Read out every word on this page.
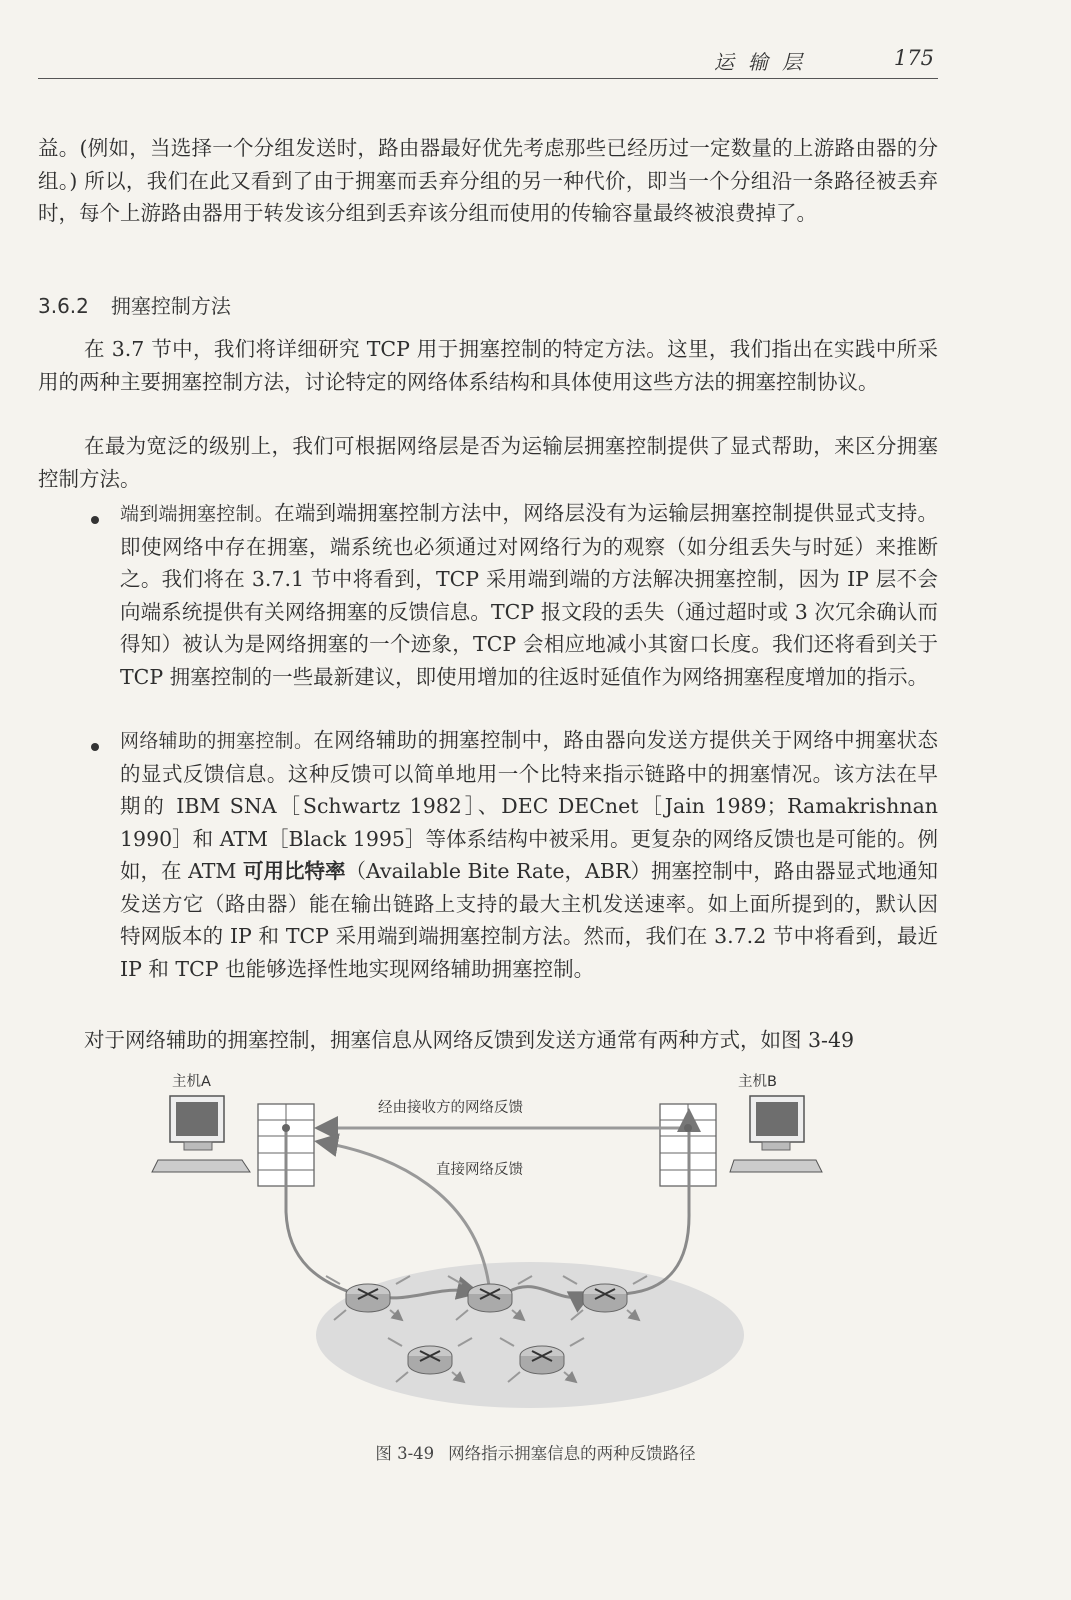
运输层	175

益。(例如，当选择一个分组发送时，路由器最好优先考虑那些已经历过一定数量的上游路由器的分组。) 所以，我们在此又看到了由于拥塞而丢弃分组的另一种代价，即当一个分组沿一条路径被丢弃时，每个上游路由器用于转发该分组到丢弃该分组而使用的传输容量最终被浪费掉了。

3.6.2 拥塞控制方法

在 3.7 节中，我们将详细研究 TCP 用于拥塞控制的特定方法。这里，我们指出在实践中所采用的两种主要拥塞控制方法，讨论特定的网络体系结构和具体使用这些方法的拥塞控制协议。

在最为宽泛的级别上，我们可根据网络层是否为运输层拥塞控制提供了显式帮助，来区分拥塞控制方法。

端到端拥塞控制。在端到端拥塞控制方法中，网络层没有为运输层拥塞控制提供显式支持。即使网络中存在拥塞，端系统也必须通过对网络行为的观察（如分组丢失与时延）来推断之。我们将在 3.7.1 节中将看到，TCP 采用端到端的方法解决拥塞控制，因为 IP 层不会向端系统提供有关网络拥塞的反馈信息。TCP 报文段的丢失（通过超时或 3 次冗余确认而得知）被认为是网络拥塞的一个迹象，TCP 会相应地减小其窗口长度。我们还将看到关于 TCP 拥塞控制的一些最新建议，即使用增加的往返时延值作为网络拥塞程度增加的指示。

网络辅助的拥塞控制。在网络辅助的拥塞控制中，路由器向发送方提供关于网络中拥塞状态的显式反馈信息。这种反馈可以简单地用一个比特来指示链路中的拥塞情况。该方法在早期的 IBM SNA［Schwartz 1982］、DEC DECnet［Jain 1989；Ramakrishnan 1990］和 ATM［Black 1995］等体系结构中被采用。更复杂的网络反馈也是可能的。例如，在 ATM 可用比特率（Available Bite Rate，ABR）拥塞控制中，路由器显式地通知发送方它（路由器）能在输出链路上支持的最大主机发送速率。如上面所提到的，默认因特网版本的 IP 和 TCP 采用端到端拥塞控制方法。然而，我们在 3.7.2 节中将看到，最近 IP 和 TCP 也能够选择性地实现网络辅助拥塞控制。

对于网络辅助的拥塞控制，拥塞信息从网络反馈到发送方通常有两种方式，如图 3-49

主机A	主机B
经由接收方的网络反馈
直接网络反馈
图 3-49 网络指示拥塞信息的两种反馈路径
